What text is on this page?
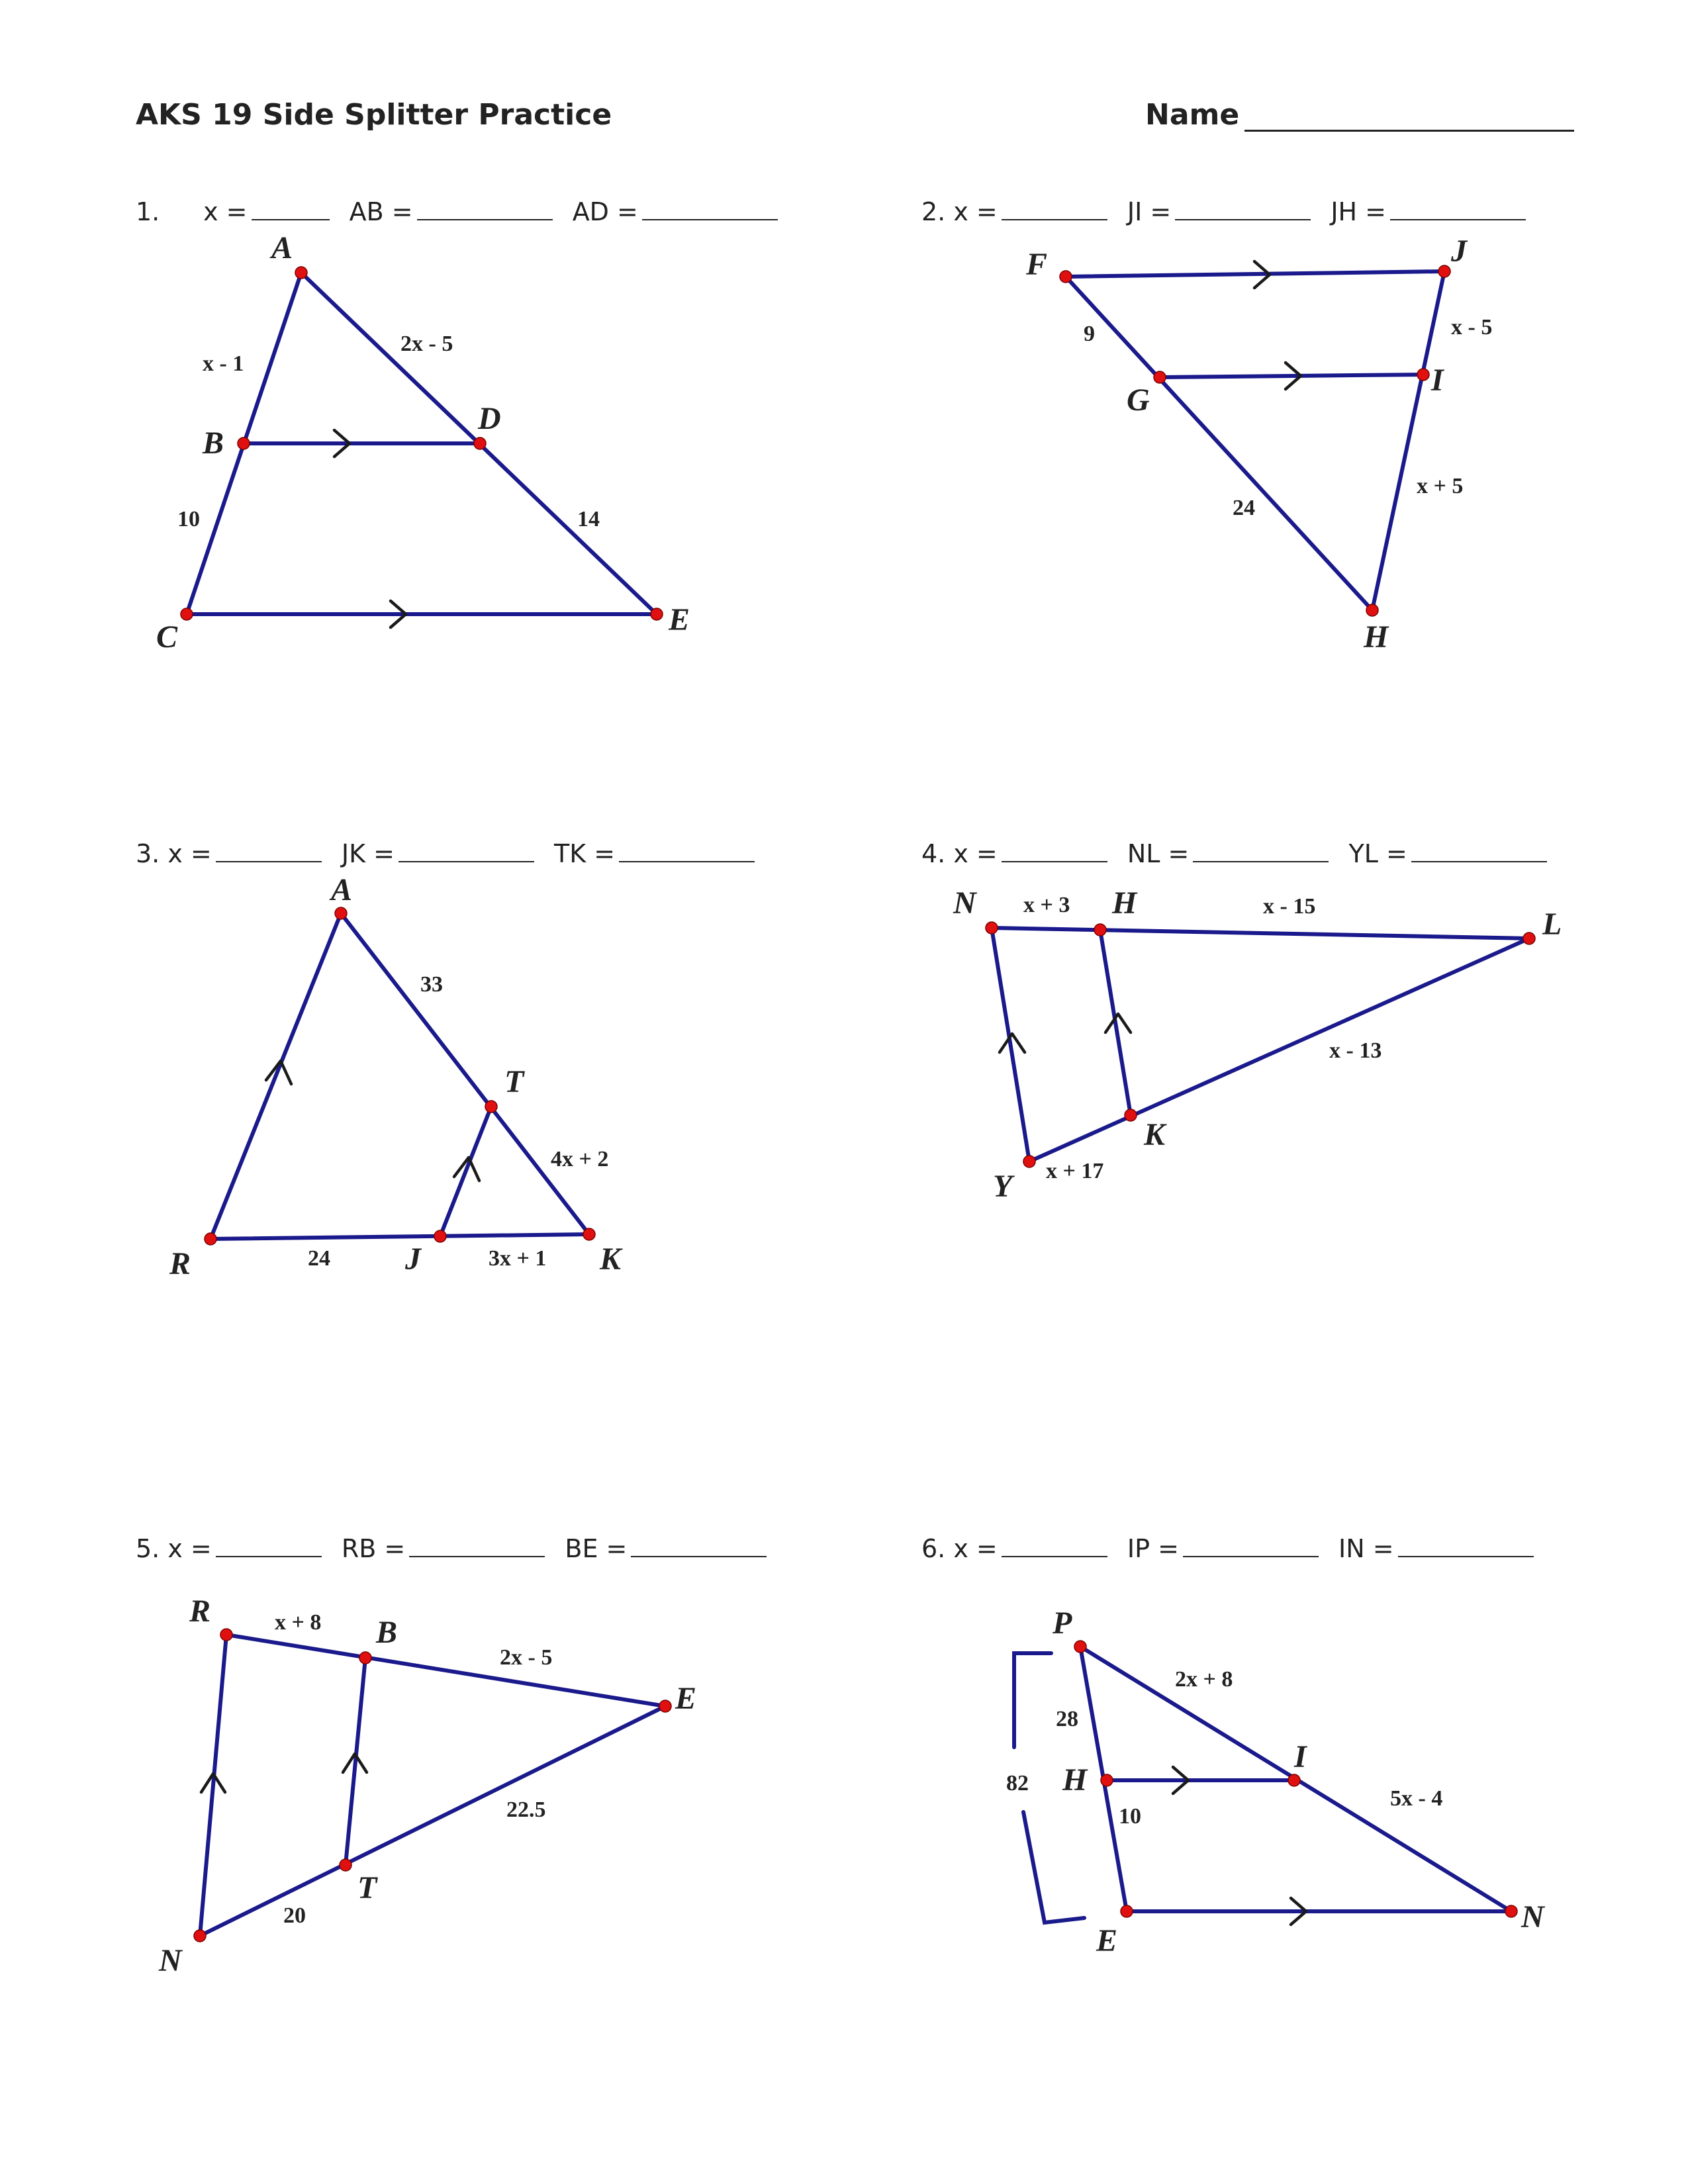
AKS 19 Side Splitter Practice	Name
1. x =	AB =	AD =	2. x =	JI =	JH =
3. x =	JK =	TK =	4. x =	NL =	YL =
5. x =	RB =	BE =	6. x =	IP =	IN =
A
B
C
D
E
x - 1
2x - 5
10	14
F	J
G
I
H
9	x - 5
24
x + 5
A
T
R	J	K
33
4x + 2
24	3x + 1
N	H
L
K
Y
x + 3	x - 15
x - 13
x + 17
R
B
E
T
N
x + 8
2x - 5
22.5
20
P
I
H
E
N
2x + 8
28
82
10
5x - 4
